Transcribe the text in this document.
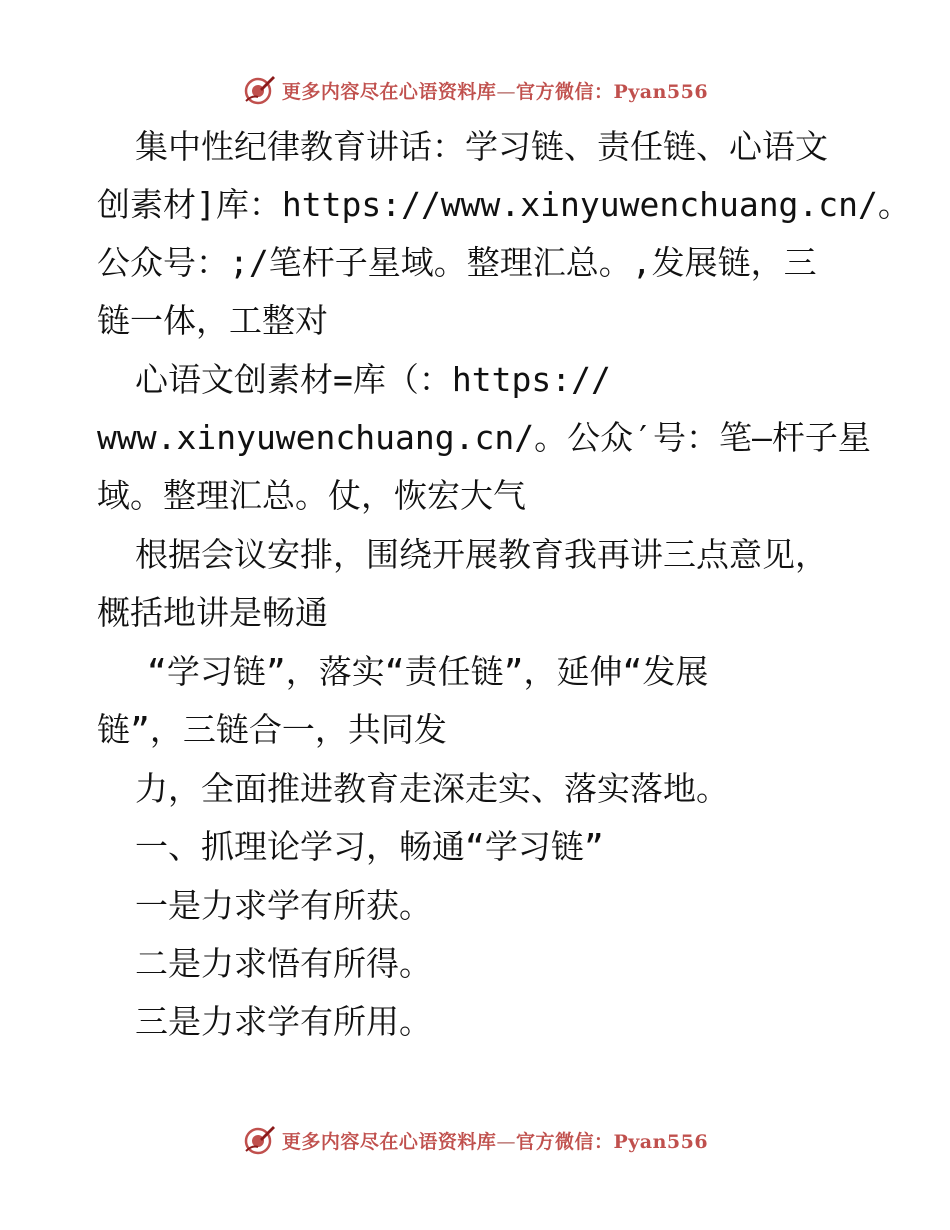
更多内容尽在心语资料库—官方微信：Pyan556
集中性纪律教育讲话：学习链、责任链、心语文
创素材]库：https://www.xinyuwenchuang.cn/。
公众号：;/笔杆子星域。整理汇总。,发展链，三
链一体，工整对
心语文创素材=库（：https://
www.xinyuwenchuang.cn/。公众′号：笔—杆子星
域。整理汇总。仗，恢宏大气
根据会议安排，围绕开展教育我再讲三点意见，
概括地讲是畅通
“学习链”，落实“责任链”，延伸“发展
链”，三链合一，共同发
力，全面推进教育走深走实、落实落地。
一、抓理论学习，畅通“学习链”
一是力求学有所获。
二是力求悟有所得。
三是力求学有所用。
更多内容尽在心语资料库—官方微信：Pyan556
